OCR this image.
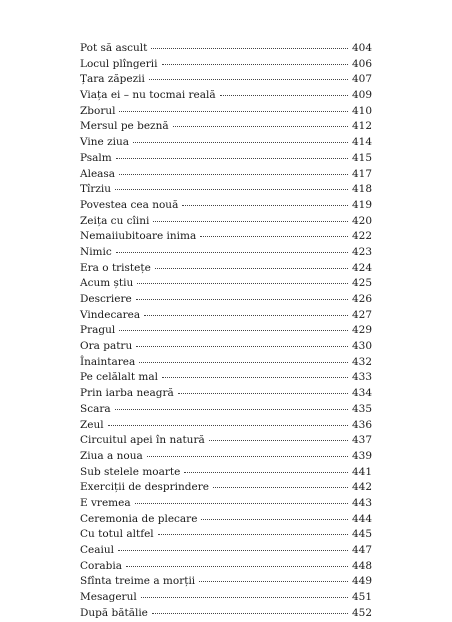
Pot să ascult	404
Locul plîngerii	406
Țara zăpezii	407
Viața ei – nu tocmai reală	409
Zborul	410
Mersul pe beznă	412
Vine ziua	414
Psalm	415
Aleasa	417
Tîrziu	418
Povestea cea nouă	419
Zeița cu cîini	420
Nemaiiubitoare inima	422
Nimic	423
Era o tristețe	424
Acum știu	425
Descriere	426
Vindecarea	427
Pragul	429
Ora patru	430
Înaintarea	432
Pe celălalt mal	433
Prin iarba neagră	434
Scara	435
Zeul	436
Circuitul apei în natură	437
Ziua a noua	439
Sub stelele moarte	441
Exerciții de desprindere	442
E vremea	443
Ceremonia de plecare	444
Cu totul altfel	445
Ceaiul	447
Corabia	448
Sfînta treime a morții	449
Mesagerul	451
După bătălie	452
